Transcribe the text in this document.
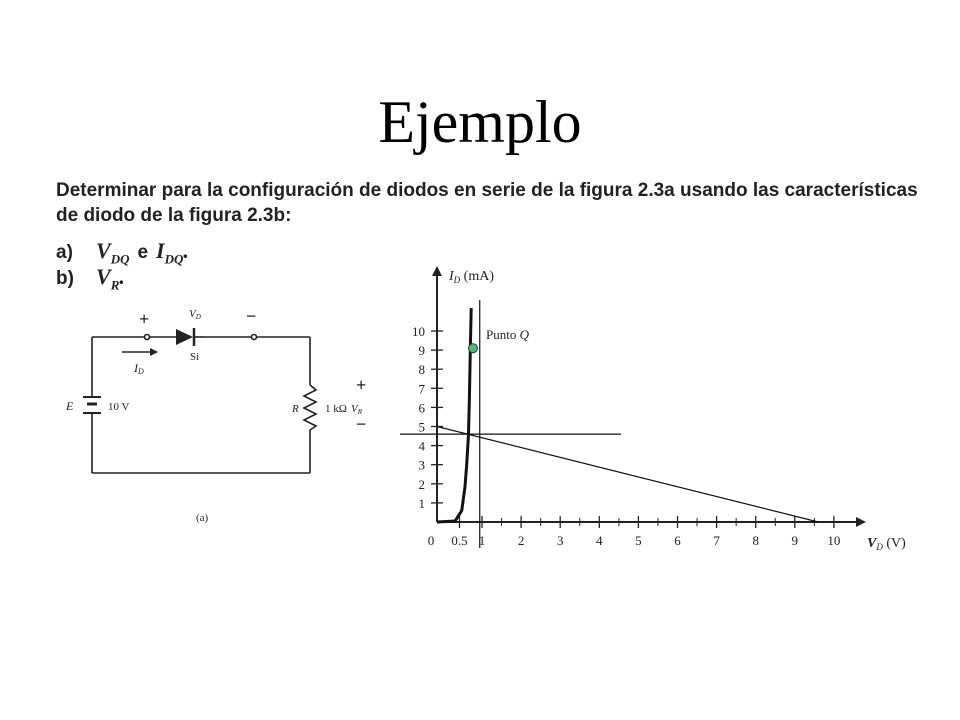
Ejemplo
Determinar para la configuración de diodos en serie de la figura 2.3a usando las características
de diodo de la figura 2.3b:
a)	$V_{DQ}$ e $I_{DQ}$.
b)	$V_R$.
+	−
VD
Si
ID
E	10 V	R 1 kΩ VR
+
−
(a)
1
2
3
4
5
6
7
8
9
10
0 0.5 1	2	3	4	5	6	7	8	9 10
Punto Q
$I_D$ (mA)
$V_D$ (V)
